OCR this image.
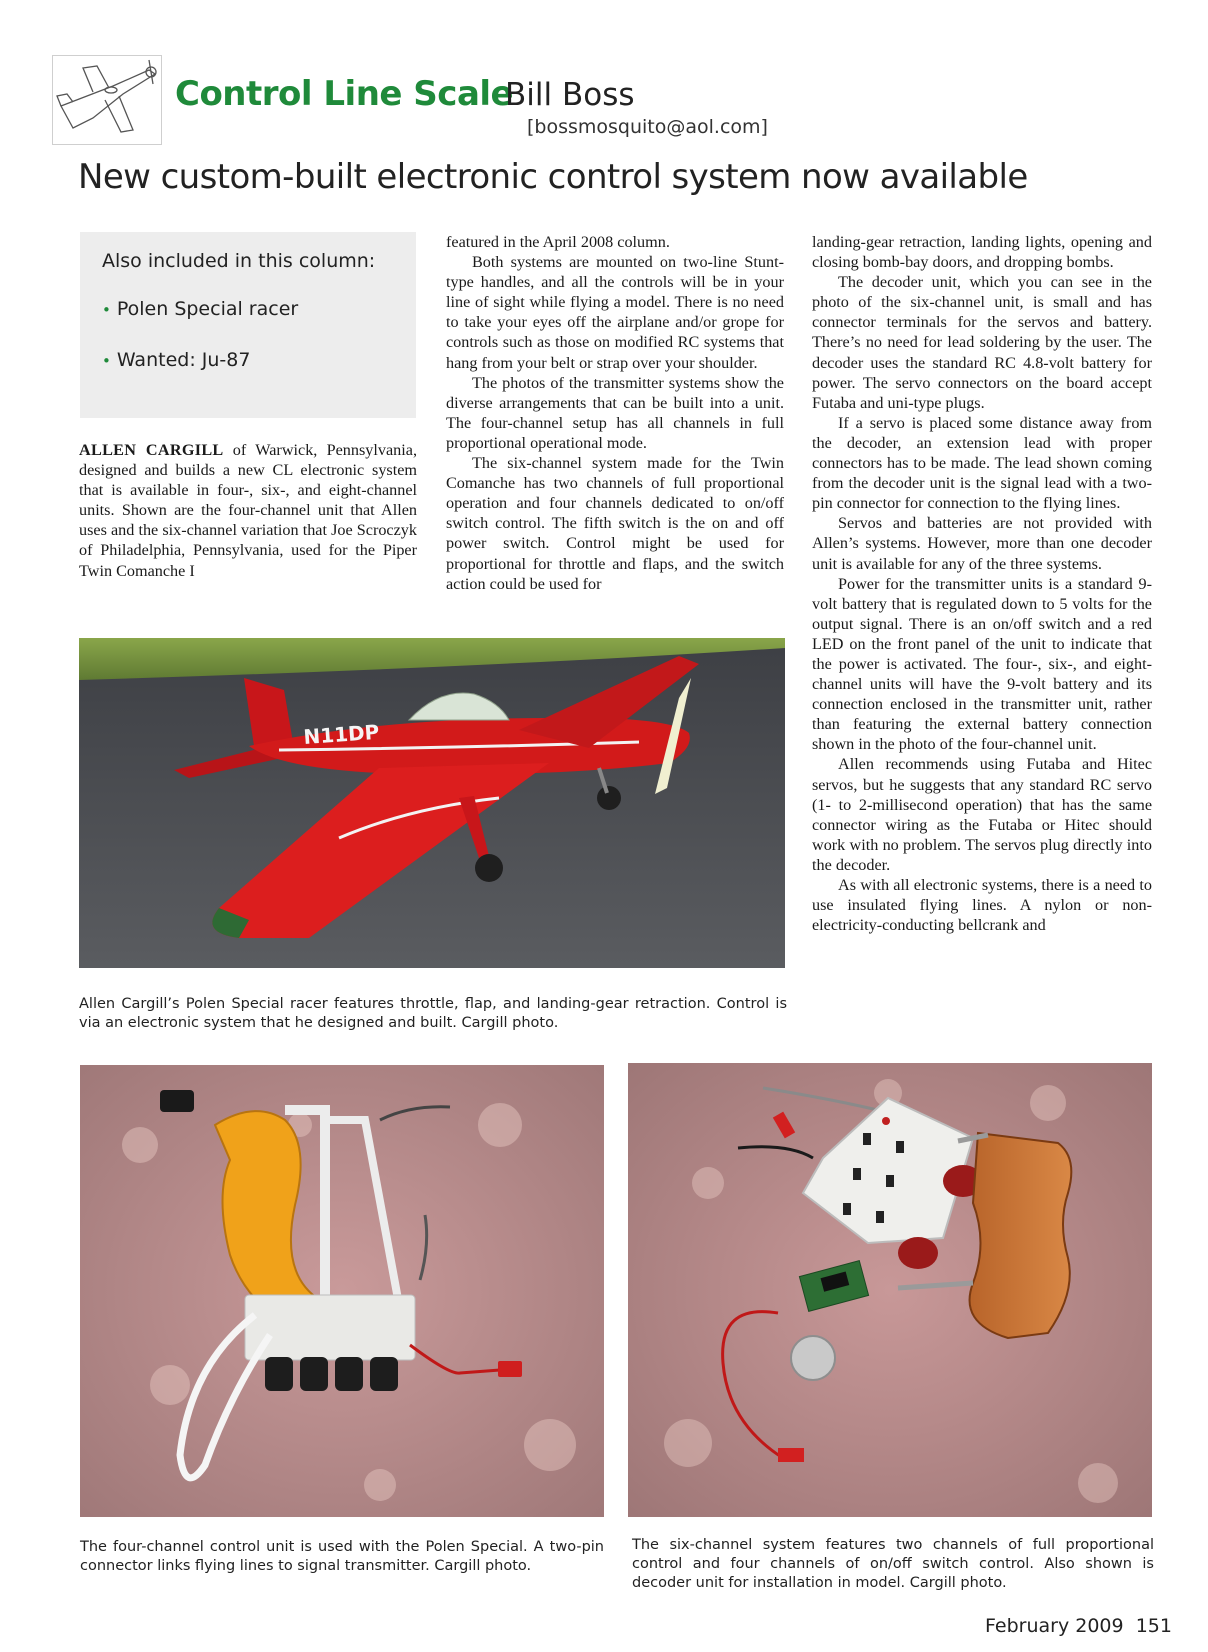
Control Line Scale
Bill Boss
[bossmosquito@aol.com]
New custom-built electronic control system now available
Also included in this column:
• Polen Special racer
• Wanted: Ju-87

ALLEN CARGILL of Warwick, Pennsylvania, designed and builds a new CL electronic system that is available in four-, six-, and eight-channel units. Shown are the four-channel unit that Allen uses and the six-channel variation that Joe Scroczyk of Philadelphia, Pennsylvania, used for the Piper Twin Comanche I

featured in the April 2008 column.

Both systems are mounted on two-line Stunt-type handles, and all the controls will be in your line of sight while flying a model. There is no need to take your eyes off the airplane and/or grope for controls such as those on modified RC systems that hang from your belt or strap over your shoulder.

The photos of the transmitter systems show the diverse arrangements that can be built into a unit. The four-channel setup has all channels in full proportional operational mode.

The six-channel system made for the Twin Comanche has two channels of full proportional operation and four channels dedicated to on/off switch control. The fifth switch is the on and off power switch. Control might be used for proportional for throttle and flaps, and the switch action could be used for

landing-gear retraction, landing lights, opening and closing bomb-bay doors, and dropping bombs.

The decoder unit, which you can see in the photo of the six-channel unit, is small and has connector terminals for the servos and battery. There’s no need for lead soldering by the user. The decoder uses the standard RC 4.8-volt battery for power. The servo connectors on the board accept Futaba and uni-type plugs.

If a servo is placed some distance away from the decoder, an extension lead with proper connectors has to be made. The lead shown coming from the decoder unit is the signal lead with a two-pin connector for connection to the flying lines.

Servos and batteries are not provided with Allen’s systems. However, more than one decoder unit is available for any of the three systems.

Power for the transmitter units is a standard 9-volt battery that is regulated down to 5 volts for the output signal. There is an on/off switch and a red LED on the front panel of the unit to indicate that the power is activated. The four-, six-, and eight-channel units will have the 9-volt battery and its connection enclosed in the transmitter unit, rather than featuring the external battery connection shown in the photo of the four-channel unit.

Allen recommends using Futaba and Hitec servos, but he suggests that any standard RC servo (1- to 2-millisecond operation) that has the same connector wiring as the Futaba or Hitec should work with no problem. The servos plug directly into the decoder.

As with all electronic systems, there is a need to use insulated flying lines. A nylon or non-electricity-conducting bellcrank and

N11DP
Allen Cargill’s Polen Special racer features throttle, flap, and landing-gear retraction. Control is via an electronic system that he designed and built. Cargill photo.
The four-channel control unit is used with the Polen Special. A two-pin connector links flying lines to signal transmitter. Cargill photo.
The six-channel system features two channels of full proportional control and four channels of on/off switch control. Also shown is decoder unit for installation in model. Cargill photo.
February 2009 151
